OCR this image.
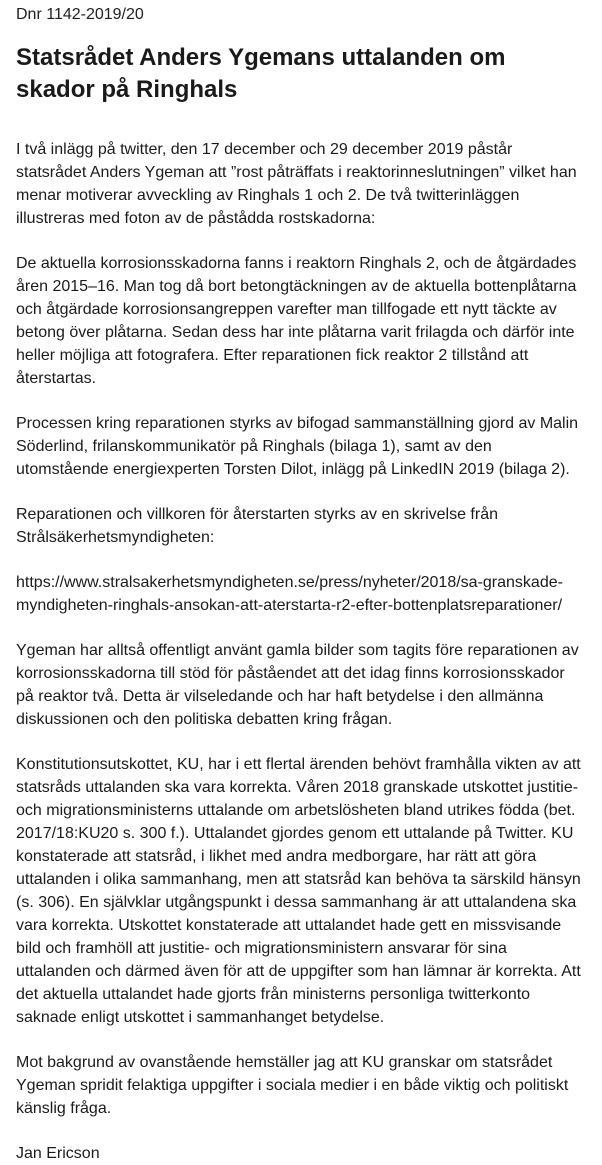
Dnr 1142-2019/20
Statsrådet Anders Ygemans uttalanden om skador på Ringhals

I två inlägg på twitter, den 17 december och 29 december 2019 påstår statsrådet Anders Ygeman att ”rost påträffats i reaktorinneslutningen” vilket han menar motiverar avveckling av Ringhals 1 och 2. De två twitterinläggen illustreras med foton av de påstådda rostskadorna:

De aktuella korrosionsskadorna fanns i reaktorn Ringhals 2, och de åtgärdades åren 2015–16. Man tog då bort betongtäckningen av de aktuella bottenplåtarna och åtgärdade korrosionsangreppen varefter man tillfogade ett nytt täckte av betong över plåtarna. Sedan dess har inte plåtarna varit frilagda och därför inte heller möjliga att fotografera. Efter reparationen fick reaktor 2 tillstånd att återstartas.

Processen kring reparationen styrks av bifogad sammanställning gjord av Malin Söderlind, frilanskommunikatör på Ringhals (bilaga 1), samt av den utomstående energiexperten Torsten Dilot, inlägg på LinkedIN 2019 (bilaga 2).

Reparationen och villkoren för återstarten styrks av en skrivelse från Strålsäkerhetsmyndigheten:

https://www.stralsakerhetsmyndigheten.se/press/nyheter/2018/sa-granskade-myndigheten-ringhals-ansokan-att-aterstarta-r2-efter-bottenplatsreparationer/

Ygeman har alltså offentligt använt gamla bilder som tagits före reparationen av korrosionsskadorna till stöd för påståendet att det idag finns korrosionsskador på reaktor två. Detta är vilseledande och har haft betydelse i den allmänna diskussionen och den politiska debatten kring frågan.

Konstitutionsutskottet, KU, har i ett flertal ärenden behövt framhålla vikten av att statsråds uttalanden ska vara korrekta. Våren 2018 granskade utskottet justitie- och migrationsministerns uttalande om arbetslösheten bland utrikes födda (bet. 2017/18:KU20 s. 300 f.). Uttalandet gjordes genom ett uttalande på Twitter. KU konstaterade att statsråd, i likhet med andra medborgare, har rätt att göra uttalanden i olika sammanhang, men att statsråd kan behöva ta särskild hänsyn (s. 306). En självklar utgångspunkt i dessa sammanhang är att uttalandena ska vara korrekta. Utskottet konstaterade att uttalandet hade gett en missvisande bild och framhöll att justitie- och migrationsministern ansvarar för sina uttalanden och därmed även för att de uppgifter som han lämnar är korrekta. Att det aktuella uttalandet hade gjorts från ministerns personliga twitterkonto saknade enligt utskottet i sammanhanget betydelse.

Mot bakgrund av ovanstående hemställer jag att KU granskar om statsrådet Ygeman spridit felaktiga uppgifter i sociala medier i en både viktig och politiskt känslig fråga.

Jan Ericson
